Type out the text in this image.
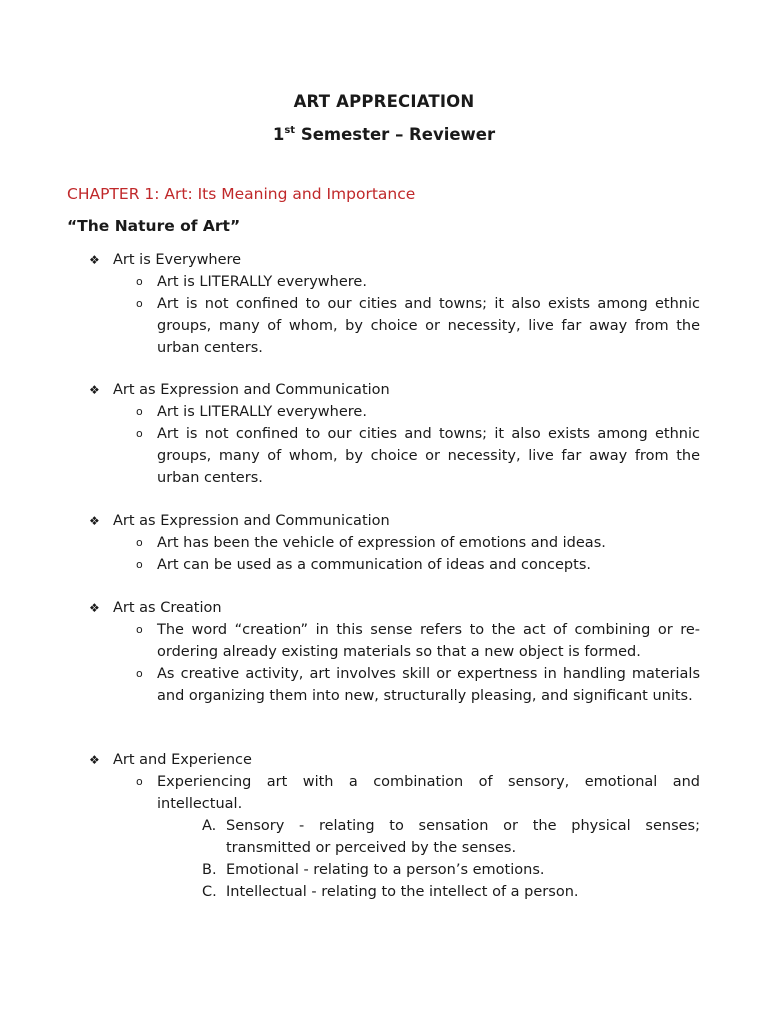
ART APPRECIATION
1st Semester – Reviewer
CHAPTER 1: Art: Its Meaning and Importance
“The Nature of Art”
❖ Art is Everywhere
o Art is LITERALLY everywhere.
o Art is not confined to our cities and towns; it also exists among ethnic groups, many of whom, by choice or necessity, live far away from the urban centers.
❖ Art as Expression and Communication
o Art is LITERALLY everywhere.
o Art is not confined to our cities and towns; it also exists among ethnic groups, many of whom, by choice or necessity, live far away from the urban centers.
❖ Art as Expression and Communication
o Art has been the vehicle of expression of emotions and ideas.
o Art can be used as a communication of ideas and concepts.
❖ Art as Creation
o The word “creation” in this sense refers to the act of combining or re-ordering already existing materials so that a new object is formed.
o As creative activity, art involves skill or expertness in handling materials and organizing them into new, structurally pleasing, and significant units.
❖ Art and Experience
o Experiencing art with a combination of sensory, emotional and intellectual.
A. Sensory - relating to sensation or the physical senses; transmitted or perceived by the senses.
B. Emotional - relating to a person’s emotions.
C. Intellectual - relating to the intellect of a person.
